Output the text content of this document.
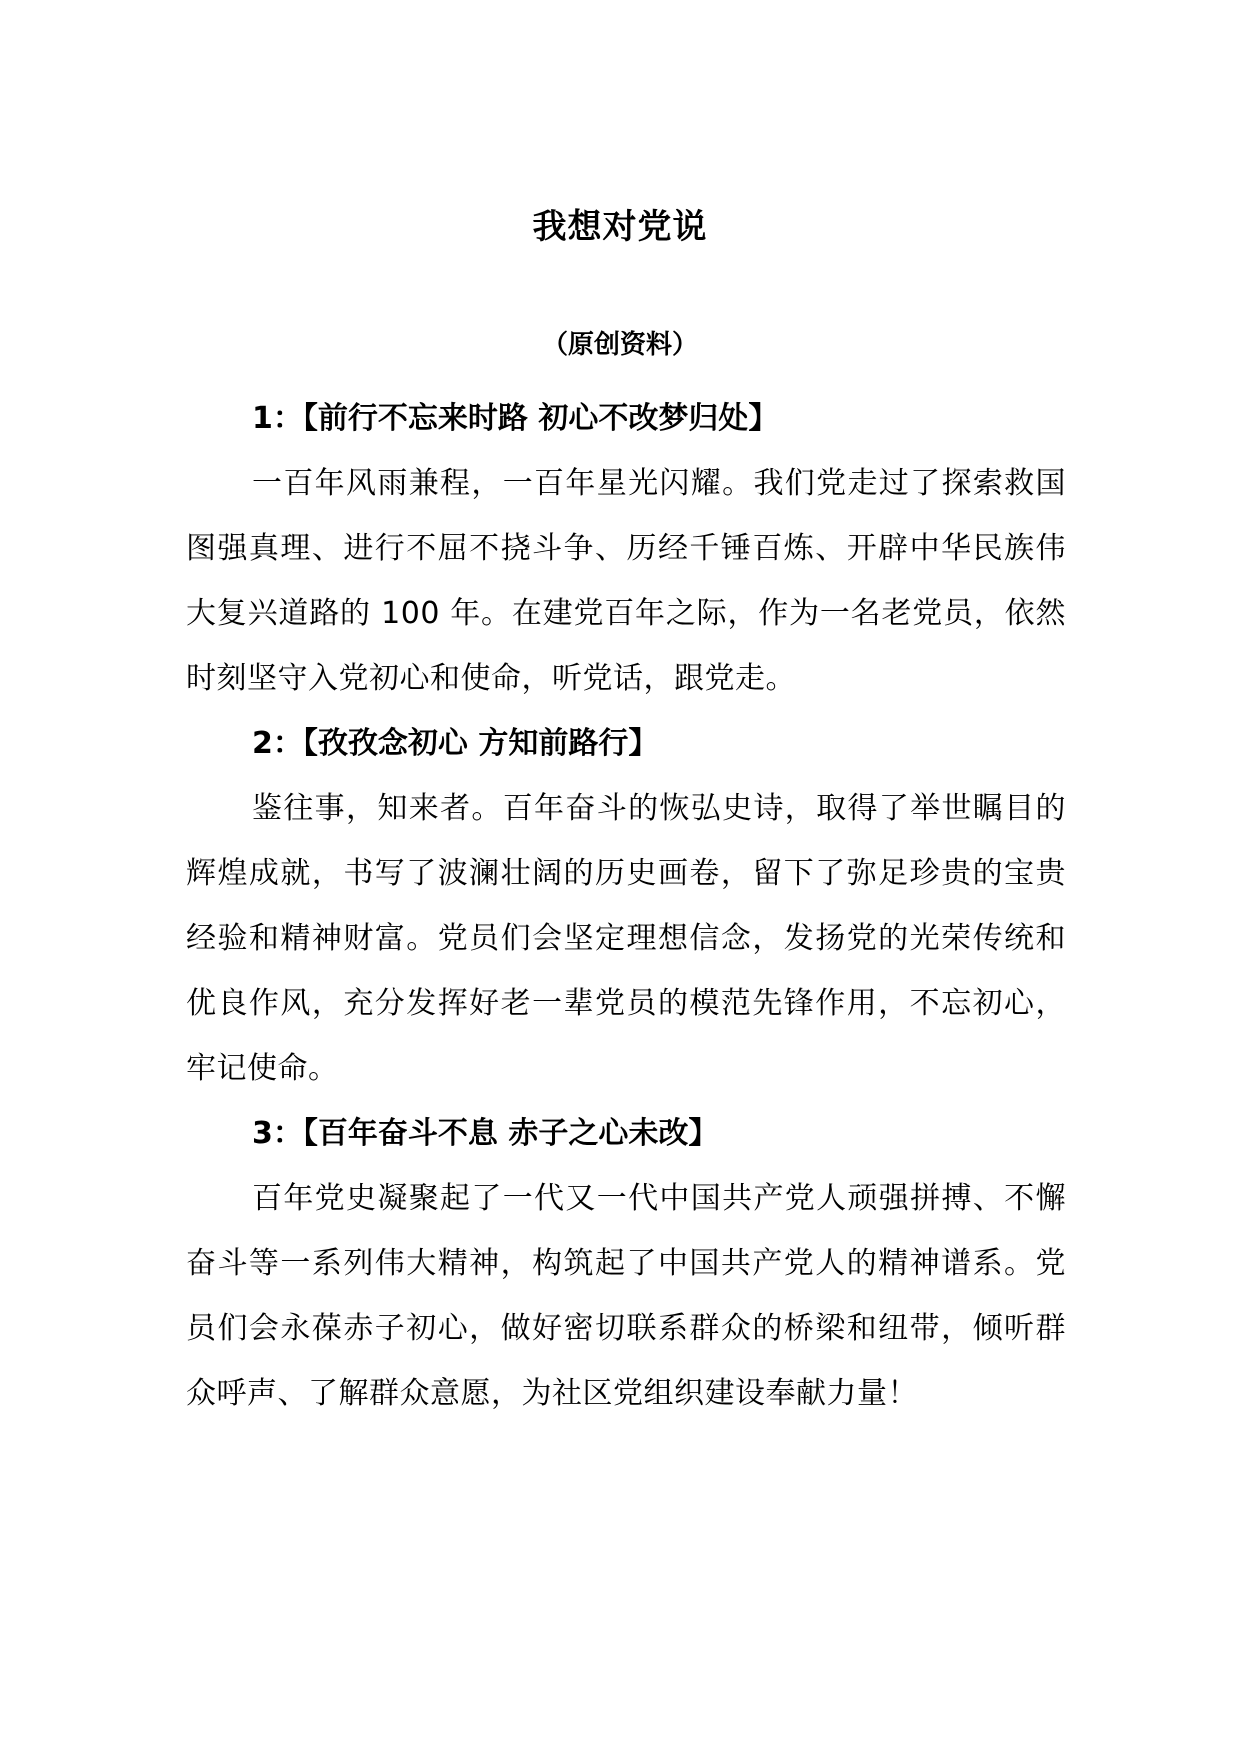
我想对党说
（原创资料）

1：【前行不忘来时路 初心不改梦归处】

一百年风雨兼程，一百年星光闪耀。我们党走过了探索救国图强真理、进行不屈不挠斗争、历经千锤百炼、开辟中华民族伟大复兴道路的 100 年。在建党百年之际，作为一名老党员，依然时刻坚守入党初心和使命，听党话，跟党走。

2：【孜孜念初心 方知前路行】

鉴往事，知来者。百年奋斗的恢弘史诗，取得了举世瞩目的辉煌成就，书写了波澜壮阔的历史画卷，留下了弥足珍贵的宝贵经验和精神财富。党员们会坚定理想信念，发扬党的光荣传统和优良作风，充分发挥好老一辈党员的模范先锋作用，不忘初心，牢记使命。

3：【百年奋斗不息 赤子之心未改】

百年党史凝聚起了一代又一代中国共产党人顽强拼搏、不懈奋斗等一系列伟大精神，构筑起了中国共产党人的精神谱系。党员们会永葆赤子初心，做好密切联系群众的桥梁和纽带，倾听群众呼声、了解群众意愿，为社区党组织建设奉献力量！
